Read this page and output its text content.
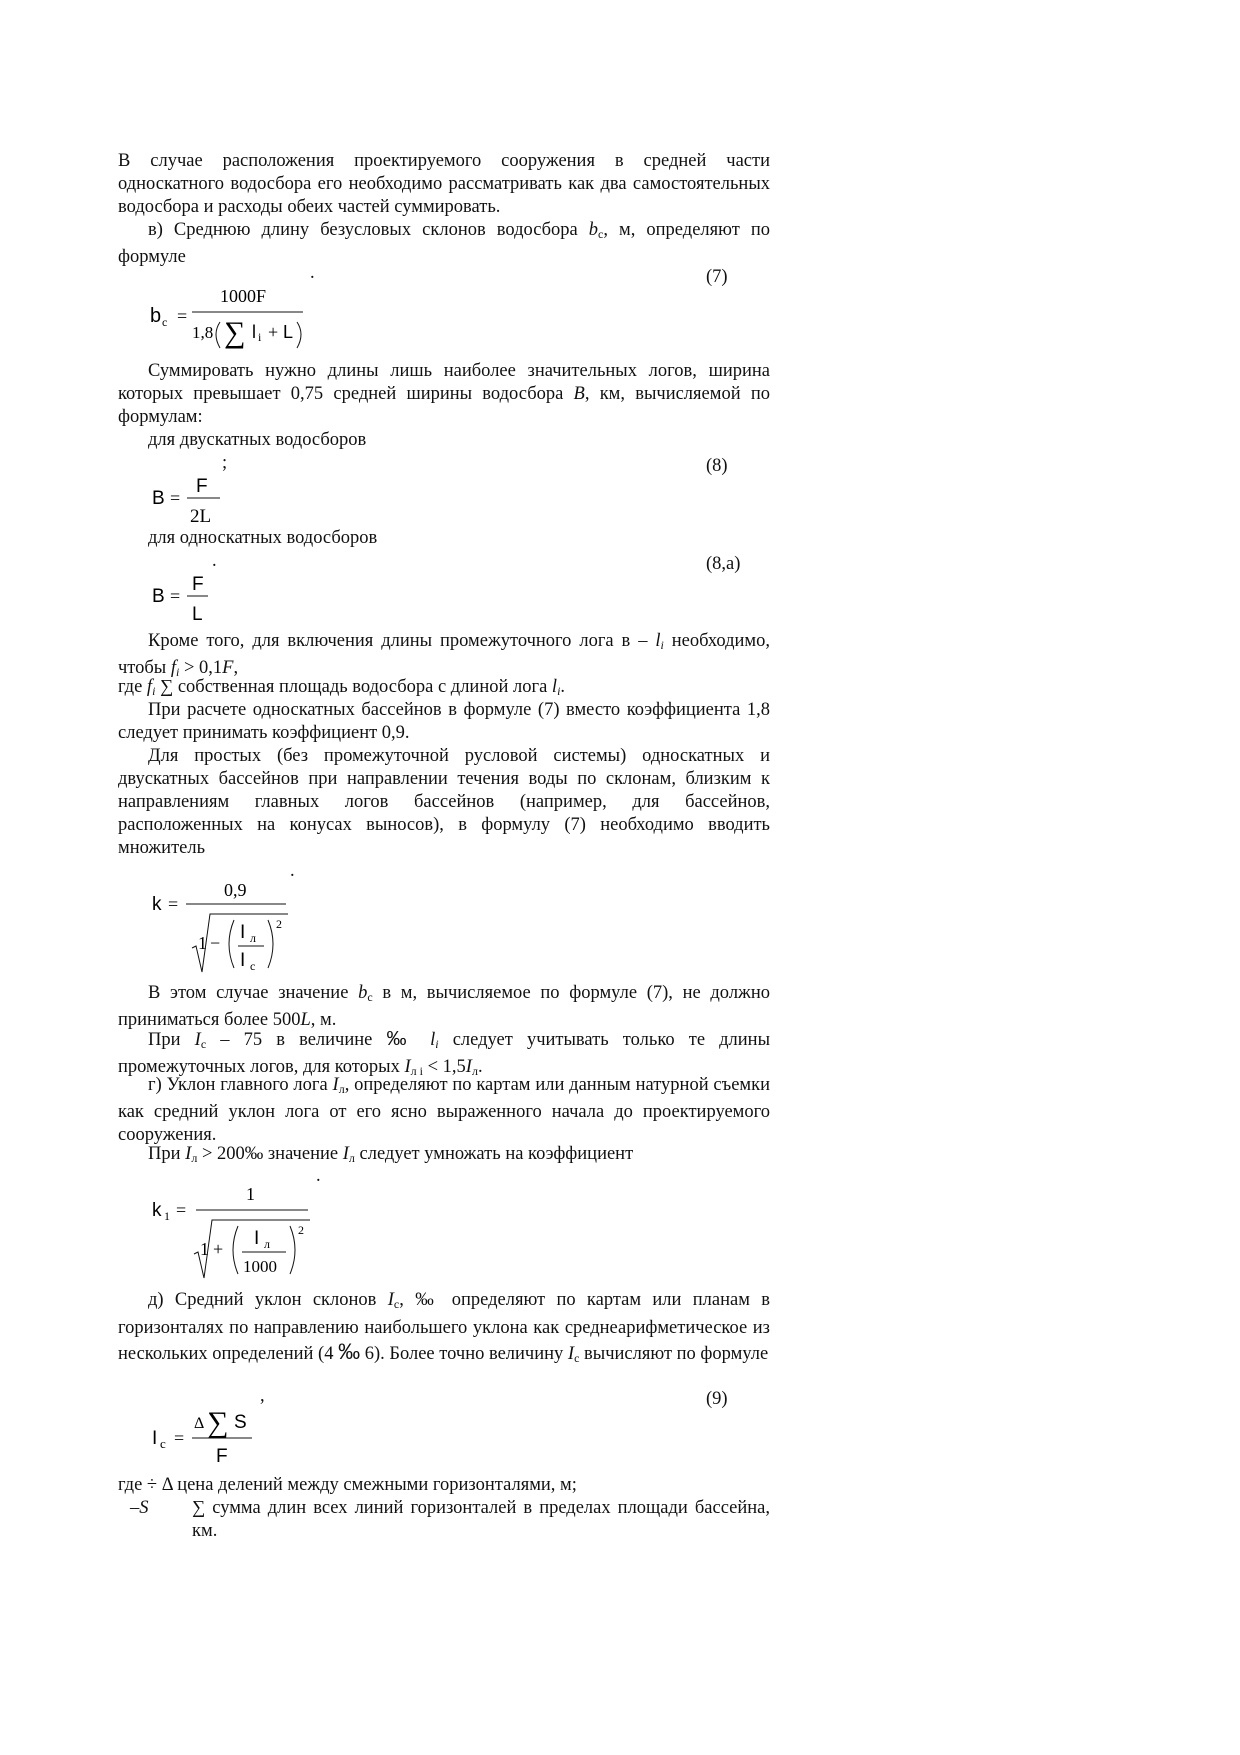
В случае расположения проектируемого сооружения в средней части односкатного водосбора его необходимо рассматривать как два самостоятельных водосбора и расходы обеих частей суммировать.
в) Среднюю длину безусловых склонов водосбора $b_c$, м, определяют по формуле
.	(7)
b c =
1000F
1,8 ∑ l i + L
Суммировать нужно длины лишь наиболее значительных логов, ширина которых превышает 0,75 средней ширины водосбора B, км, вычисляемой по формулам:
для двускатных водосборов
;	(8)
B =
F
2L
для односкатных водосборов
.	(8,а)
B =
F
L
Кроме того, для включения длины промежуточного лога в – $l_i$ необходимо, чтобы $f_i > 0,1F$,
где $f_i$ ∑ собственная площадь водосбора с длиной лога $l_i$.
При расчете односкатных бассейнов в формуле (7) вместо коэффициента 1,8 следует принимать коэффициент 0,9.
Для простых (без промежуточной русловой системы) односкатных и двускатных бассейнов при направлении течения воды по склонам, близким к направлениям главных логов бассейнов (например, для бассейнов, расположенных на конусах выносов), в формулу (7) необходимо вводить множитель
.
k =
0,9
1 − I л
I с
2
В этом случае значение $b_c$ в м, вычисляемое по формуле (7), не должно приниматься более 500L, м.
При $I_c - 75$ в величине ‰ $l_i$ следует учитывать только те длины промежуточных логов, для которых $I_{л i} < 1,5I_л$.
г) Уклон главного лога $I_л$, определяют по картам или данным натурной съемки как средний уклон лога от его ясно выраженного начала до проектируемого сооружения.
При $I_л$ > 200‰ значение $I_л$ следует умножать на коэффициент
.
k 1 =
1
1 + I л
1000
2
д) Средний уклон склонов $I_c$, ‰ определяют по картам или планам в горизонталях по направлению наибольшего уклона как среднеарифметическое из нескольких определений (4 ‰ 6). Более точно величину $I_c$ вычисляют по формуле
,	(9)
I с =
Δ ∑ S
F
где ÷ Δ цена делений между смежными горизонталями, м;
–S ∑ сумма длин всех линий горизонталей в пределах площади бассейна, км.
